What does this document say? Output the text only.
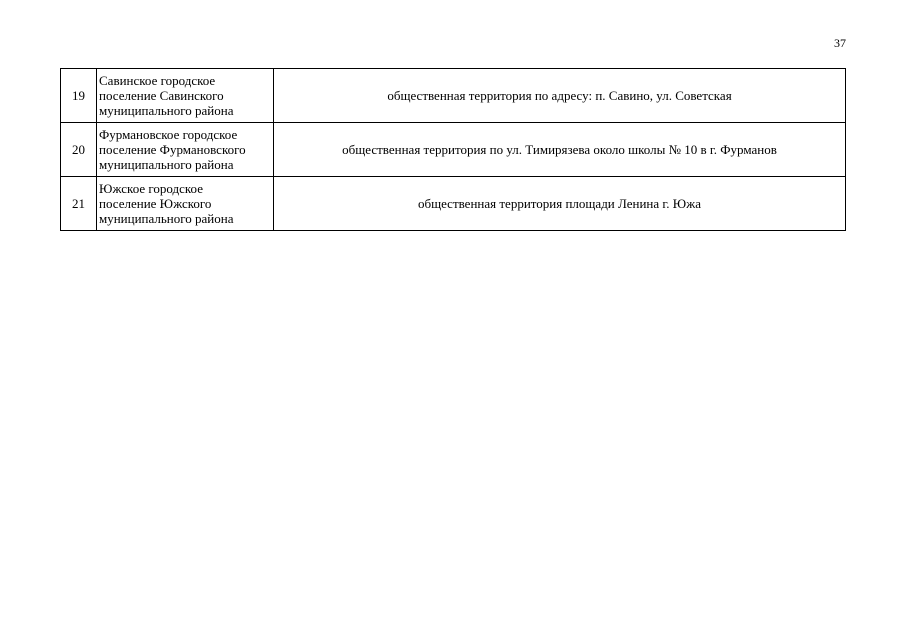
37
19	Савинское городское
поселение Савинского
муниципального района	общественная территория по адресу: п. Савино, ул. Советская
20	Фурмановское городское
поселение Фурмановского
муниципального района	общественная территория по ул. Тимирязева около школы № 10 в г. Фурманов
21	Южское городское
поселение Южского
муниципального района	общественная территория площади Ленина г. Южа
